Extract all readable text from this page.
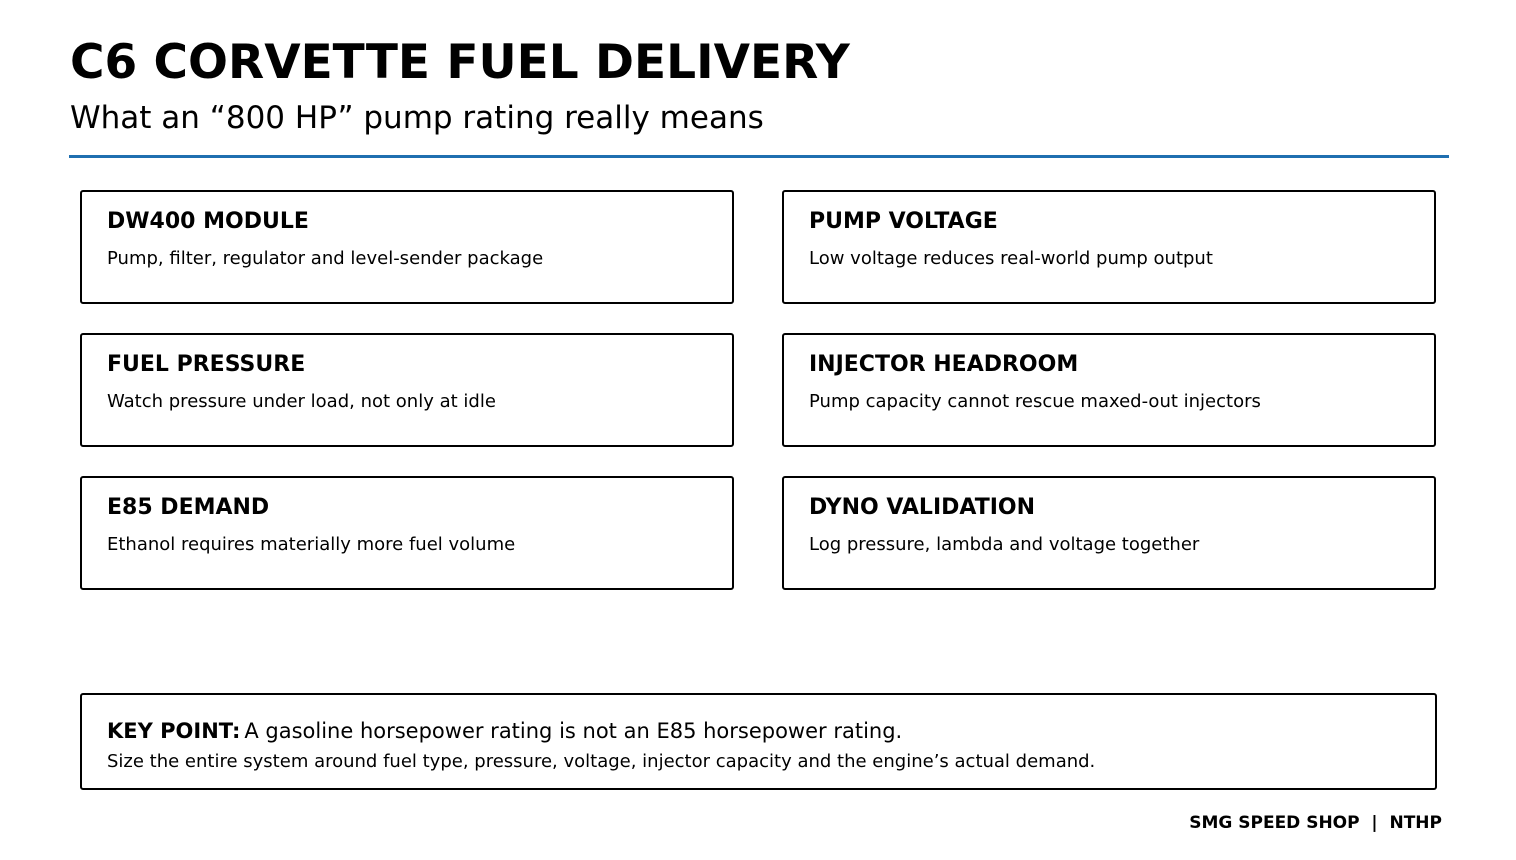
C6 CORVETTE FUEL DELIVERY
What an “800 HP” pump rating really means
DW400 MODULE
Pump, filter, regulator and level-sender package
PUMP VOLTAGE
Low voltage reduces real-world pump output
FUEL PRESSURE
Watch pressure under load, not only at idle
INJECTOR HEADROOM
Pump capacity cannot rescue maxed-out injectors
E85 DEMAND
Ethanol requires materially more fuel volume
DYNO VALIDATION
Log pressure, lambda and voltage together
KEY POINT: A gasoline horsepower rating is not an E85 horsepower rating.
Size the entire system around fuel type, pressure, voltage, injector capacity and the engine’s actual demand.
SMG SPEED SHOP  |  NTHP
